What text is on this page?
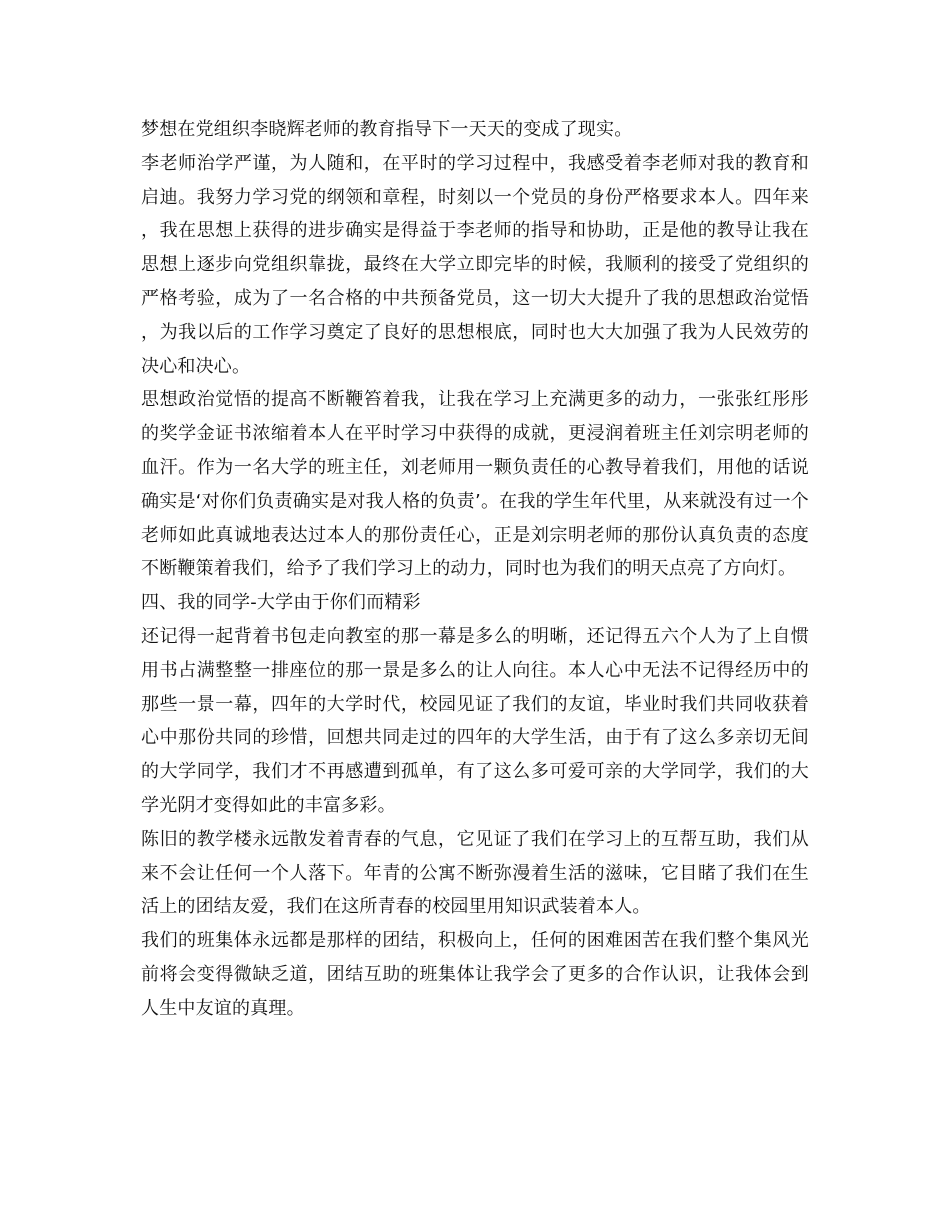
梦想在党组织李晓辉老师的教育指导下一天天的变成了现实。

李老师治学严谨，为人随和，在平时的学习过程中，我感受着李老师对我的教育和启迪。我努力学习党的纲领和章程，时刻以一个党员的身份严格要求本人。四年来，我在思想上获得的进步确实是得益于李老师的指导和协助，正是他的教导让我在思想上逐步向党组织靠拢，最终在大学立即完毕的时候，我顺利的接受了党组织的严格考验，成为了一名合格的中共预备党员，这一切大大提升了我的思想政治觉悟，为我以后的工作学习奠定了良好的思想根底，同时也大大加强了我为人民效劳的决心和决心。

思想政治觉悟的提高不断鞭笞着我，让我在学习上充满更多的动力，一张张红彤彤的奖学金证书浓缩着本人在平时学习中获得的成就，更浸润着班主任刘宗明老师的血汗。作为一名大学的班主任，刘老师用一颗负责任的心教导着我们，用他的话说确实是‘对你们负责确实是对我人格的负责’。在我的学生年代里，从来就没有过一个老师如此真诚地表达过本人的那份责任心，正是刘宗明老师的那份认真负责的态度不断鞭策着我们，给予了我们学习上的动力，同时也为我们的明天点亮了方向灯。

四、我的同学-大学由于你们而精彩

还记得一起背着书包走向教室的那一幕是多么的明晰，还记得五六个人为了上自惯用书占满整整一排座位的那一景是多么的让人向往。本人心中无法不记得经历中的那些一景一幕，四年的大学时代，校园见证了我们的友谊，毕业时我们共同收获着心中那份共同的珍惜，回想共同走过的四年的大学生活，由于有了这么多亲切无间的大学同学，我们才不再感遭到孤单，有了这么多可爱可亲的大学同学，我们的大学光阴才变得如此的丰富多彩。

陈旧的教学楼永远散发着青春的气息，它见证了我们在学习上的互帮互助，我们从来不会让任何一个人落下。年青的公寓不断弥漫着生活的滋味，它目睹了我们在生活上的团结友爱，我们在这所青春的校园里用知识武装着本人。

我们的班集体永远都是那样的团结，积极向上，任何的困难困苦在我们整个集风光前将会变得微缺乏道，团结互助的班集体让我学会了更多的合作认识，让我体会到人生中友谊的真理。
